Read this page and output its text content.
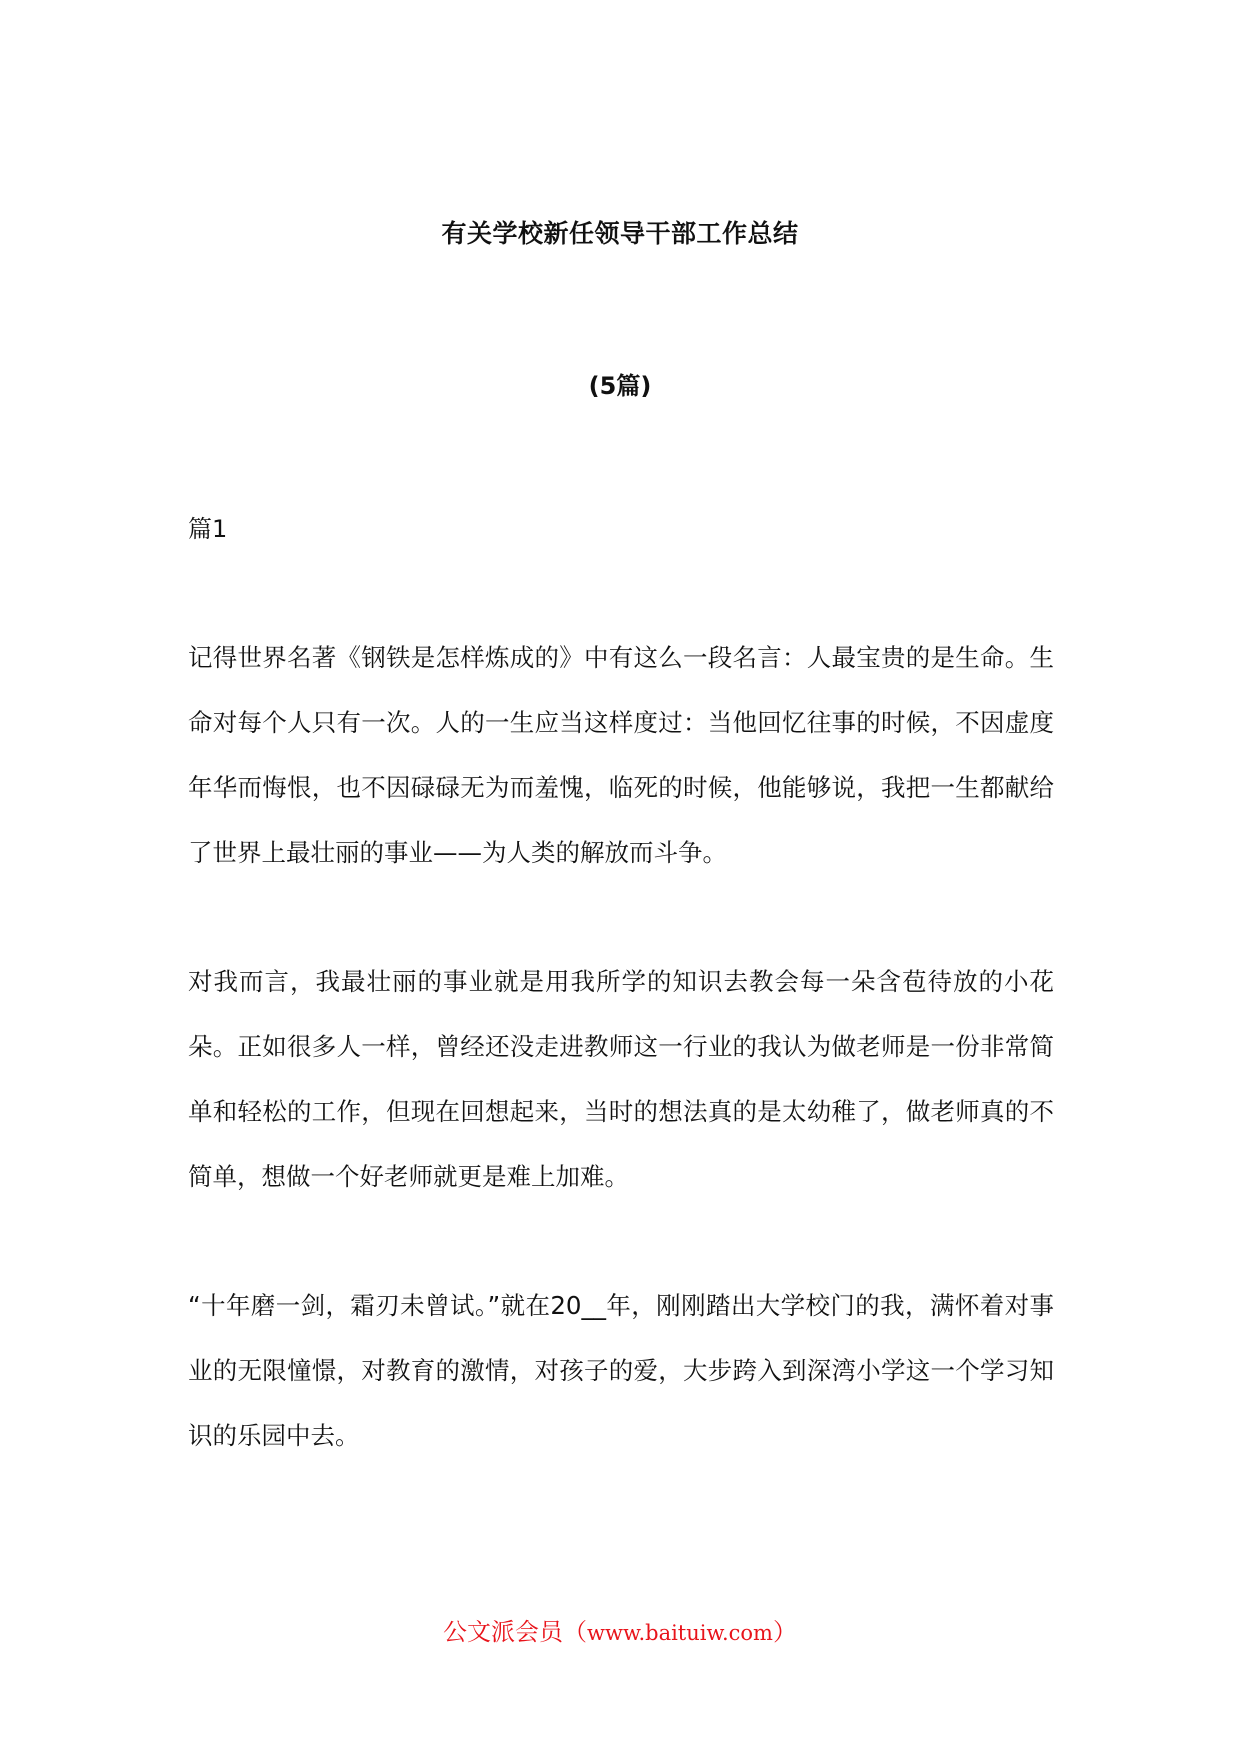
有关学校新任领导干部工作总结
(5篇)
篇1

记得世界名著《钢铁是怎样炼成的》中有这么一段名言：人最宝贵的是生命。生命对每个人只有一次。人的一生应当这样度过：当他回忆往事的时候，不因虚度年华而悔恨，也不因碌碌无为而羞愧，临死的时候，他能够说，我把一生都献给了世界上最壮丽的事业——为人类的解放而斗争。

对我而言，我最壮丽的事业就是用我所学的知识去教会每一朵含苞待放的小花朵。正如很多人一样，曾经还没走进教师这一行业的我认为做老师是一份非常简单和轻松的工作，但现在回想起来，当时的想法真的是太幼稚了，做老师真的不简单，想做一个好老师就更是难上加难。

“十年磨一剑，霜刃未曾试。”就在20__年，刚刚踏出大学校门的我，满怀着对事业的无限憧憬，对教育的激情，对孩子的爱，大步跨入到深湾小学这一个学习知识的乐园中去。

公文派会员（www.baituiw.com）
